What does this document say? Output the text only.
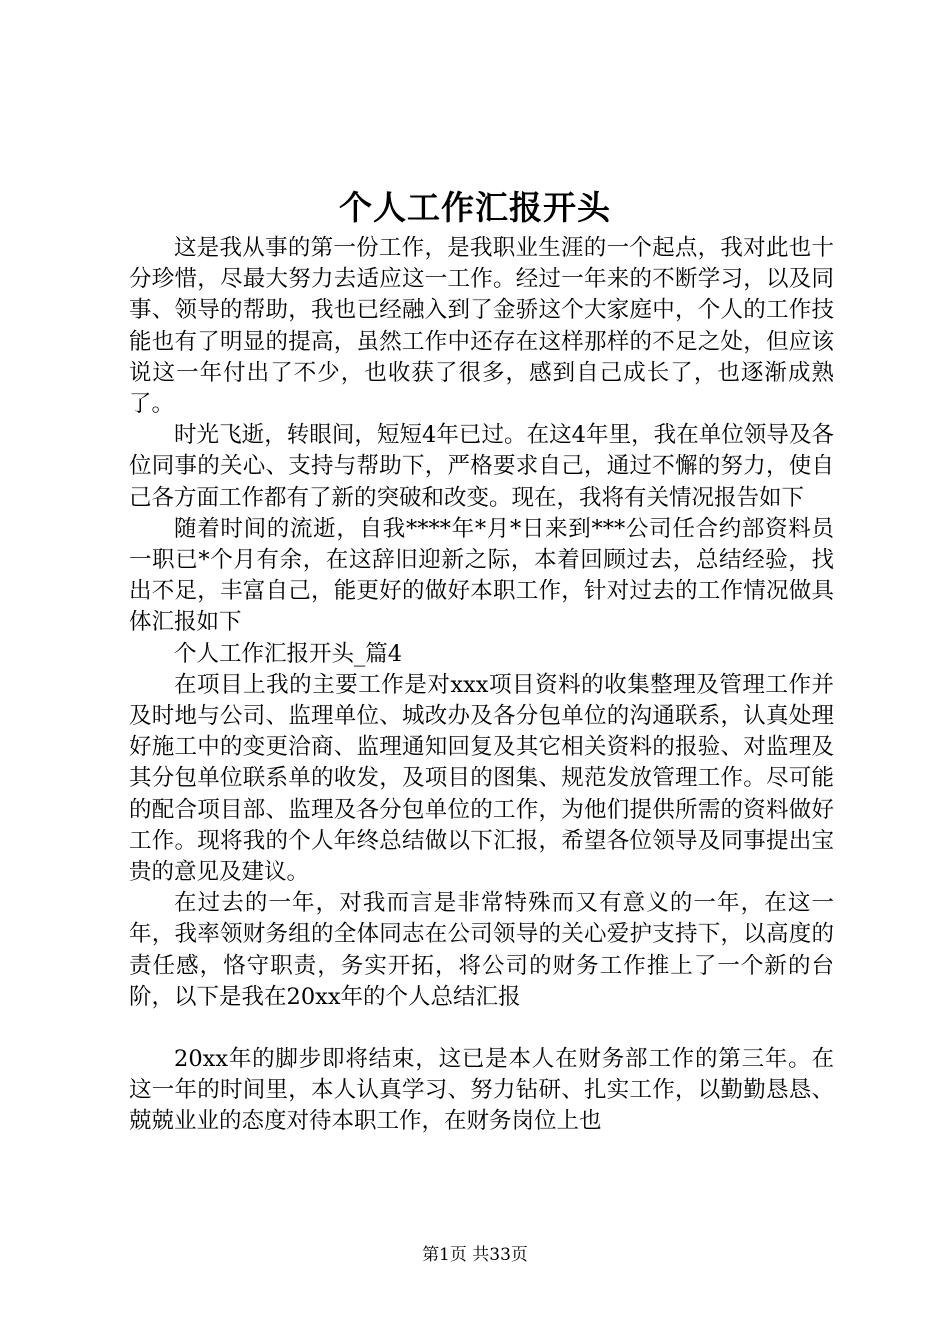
个人工作汇报开头

这是我从事的第一份工作，是我职业生涯的一个起点，我对此也十分珍惜，尽最大努力去适应这一工作。经过一年来的不断学习，以及同事、领导的帮助，我也已经融入到了金骄这个大家庭中，个人的工作技能也有了明显的提高，虽然工作中还存在这样那样的不足之处，但应该说这一年付出了不少，也收获了很多，感到自己成长了，也逐渐成熟了。

时光飞逝，转眼间，短短4年已过。在这4年里，我在单位领导及各位同事的关心、支持与帮助下，严格要求自己，通过不懈的努力，使自己各方面工作都有了新的突破和改变。现在，我将有关情况报告如下

随着时间的流逝，自我****年*月*日来到***公司任合约部资料员一职已*个月有余，在这辞旧迎新之际，本着回顾过去，总结经验，找出不足，丰富自己，能更好的做好本职工作，针对过去的工作情况做具体汇报如下

个人工作汇报开头_篇4

在项目上我的主要工作是对xxx项目资料的收集整理及管理工作并及时地与公司、监理单位、城改办及各分包单位的沟通联系，认真处理好施工中的变更洽商、监理通知回复及其它相关资料的报验、对监理及其分包单位联系单的收发，及项目的图集、规范发放管理工作。尽可能的配合项目部、监理及各分包单位的工作，为他们提供所需的资料做好工作。现将我的个人年终总结做以下汇报，希望各位领导及同事提出宝贵的意见及建议。

在过去的一年，对我而言是非常特殊而又有意义的一年，在这一年，我率领财务组的全体同志在公司领导的关心爱护支持下，以高度的责任感，恪守职责，务实开拓，将公司的财务工作推上了一个新的台阶，以下是我在20xx年的个人总结汇报

20xx年的脚步即将结束，这已是本人在财务部工作的第三年。在这一年的时间里，本人认真学习、努力钻研、扎实工作，以勤勤恳恳、兢兢业业的态度对待本职工作，在财务岗位上也

第1页 共33页
